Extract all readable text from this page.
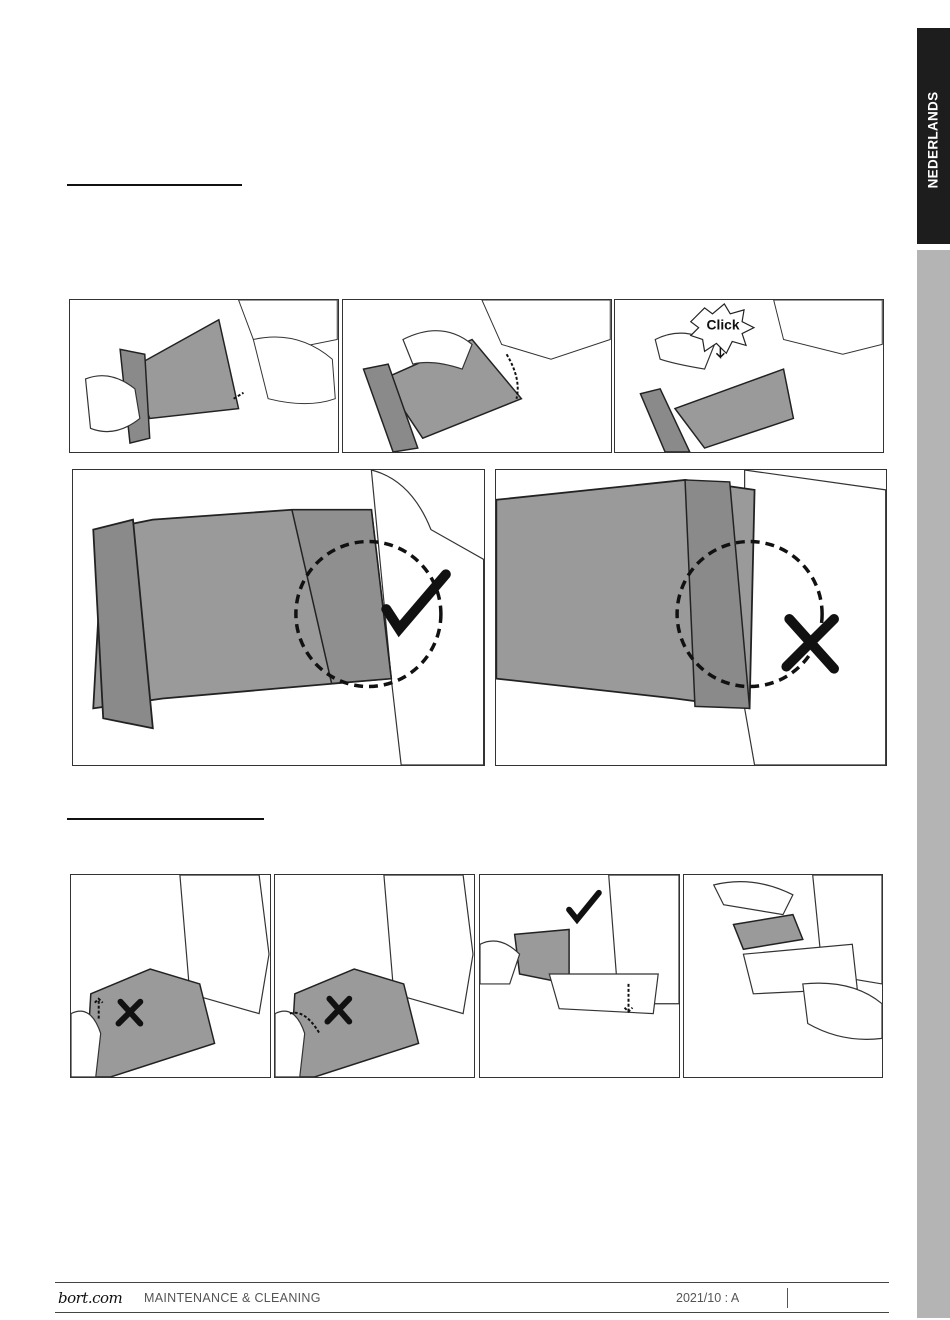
NEDERLANDS
Click
bort.com MAINTENANCE & CLEANING	2021/10 : A
